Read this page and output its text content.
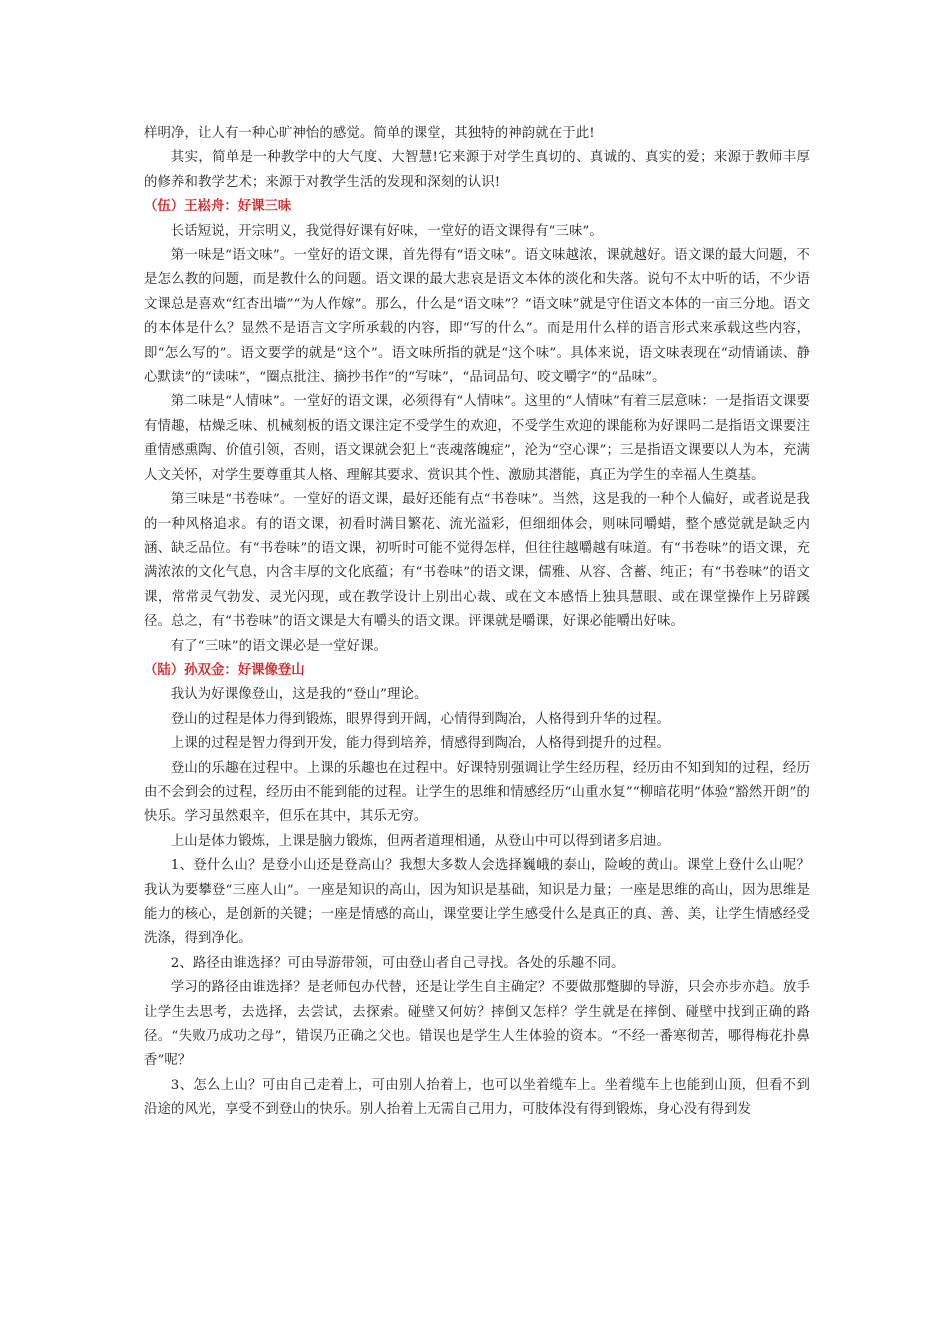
样明净，让人有一种心旷神怡的感觉。简单的课堂，其独特的神韵就在于此!

其实，简单是一种教学中的大气度、大智慧!它来源于对学生真切的、真诚的、真实的爱；来源于教师丰厚的修养和教学艺术；来源于对教学生活的发现和深刻的认识!

（伍）王崧舟：好课三味

长话短说，开宗明义，我觉得好课有好味，一堂好的语文课得有“三味”。

第一味是“语文味”。一堂好的语文课，首先得有“语文味”。语文味越浓，课就越好。语文课的最大问题，不是怎么教的问题，而是教什么的问题。语文课的最大悲哀是语文本体的淡化和失落。说句不太中听的话，不少语文课总是喜欢“红杏出墙”“为人作嫁”。那么，什么是“语文味”？“语文味”就是守住语文本体的一亩三分地。语文的本体是什么？显然不是语言文字所承载的内容，即“写的什么”。而是用什么样的语言形式来承载这些内容，即“怎么写的”。语文要学的就是“这个”。语文味所指的就是“这个味”。具体来说，语文味表现在“动情诵读、静心默读”的“读味”，“圈点批注、摘抄书作”的“写味”，“品词品句、咬文嚼字”的“品味”。

第二味是“人情味”。一堂好的语文课，必须得有“人情味”。这里的“人情味”有着三层意味：一是指语文课要有情趣，枯燥乏味、机械刻板的语文课注定不受学生的欢迎，不受学生欢迎的课能称为好课吗二是指语文课要注重情感熏陶、价值引领，否则，语文课就会犯上“丧魂落魄症”，沦为“空心课”；三是指语文课要以人为本，充满人文关怀，对学生要尊重其人格、理解其要求、赏识其个性、激励其潜能，真正为学生的幸福人生奠基。

第三味是“书卷味”。一堂好的语文课，最好还能有点“书卷味”。当然，这是我的一种个人偏好，或者说是我的一种风格追求。有的语文课，初看时满目繁花、流光溢彩，但细细体会，则味同嚼蜡，整个感觉就是缺乏内涵、缺乏品位。有“书卷味”的语文课，初听时可能不觉得怎样，但往往越嚼越有味道。有“书卷味”的语文课，充满浓浓的文化气息，内含丰厚的文化底蕴；有“书卷味”的语文课，儒雅、从容、含蓄、纯正；有“书卷味”的语文课，常常灵气勃发、灵光闪现，或在教学设计上别出心裁、或在文本感悟上独具慧眼、或在课堂操作上另辟蹊径。总之，有“书卷味”的语文课是大有嚼头的语文课。评课就是嚼课，好课必能嚼出好味。

有了“三味”的语文课必是一堂好课。

（陆）孙双金：好课像登山

我认为好课像登山，这是我的“登山”理论。

登山的过程是体力得到锻炼，眼界得到开阔，心情得到陶冶，人格得到升华的过程。

上课的过程是智力得到开发，能力得到培养，情感得到陶冶，人格得到提升的过程。

登山的乐趣在过程中。上课的乐趣也在过程中。好课特别强调让学生经历程，经历由不知到知的过程，经历由不会到会的过程，经历由不能到能的过程。让学生的思维和情感经历“山重水复”“柳暗花明”体验“豁然开朗”的快乐。学习虽然艰辛，但乐在其中，其乐无穷。

上山是体力锻炼，上课是脑力锻炼，但两者道理相通，从登山中可以得到诸多启迪。

1、登什么山？是登小山还是登高山？我想大多数人会选择巍峨的泰山，险峻的黄山。课堂上登什么山呢？我认为要攀登“三座人山”。一座是知识的高山，因为知识是基础，知识是力量；一座是思维的高山，因为思维是能力的核心，是创新的关键；一座是情感的高山，课堂要让学生感受什么是真正的真、善、美，让学生情感经受洗涤，得到净化。

2、路径由谁选择？可由导游带领，可由登山者自己寻找。各处的乐趣不同。

学习的路径由谁选择？是老师包办代替，还是让学生自主确定？不要做那蹩脚的导游，只会亦步亦趋。放手让学生去思考，去选择，去尝试，去探索。碰壁又何妨？摔倒又怎样？学生就是在摔倒、碰壁中找到正确的路径。“失败乃成功之母”，错误乃正确之父也。错误也是学生人生体验的资本。“不经一番寒彻苦，哪得梅花扑鼻香”呢？

3、怎么上山？可由自己走着上，可由别人抬着上，也可以坐着缆车上。坐着缆车上也能到山顶，但看不到沿途的风光，享受不到登山的快乐。别人抬着上无需自己用力，可肢体没有得到锻炼，身心没有得到发
